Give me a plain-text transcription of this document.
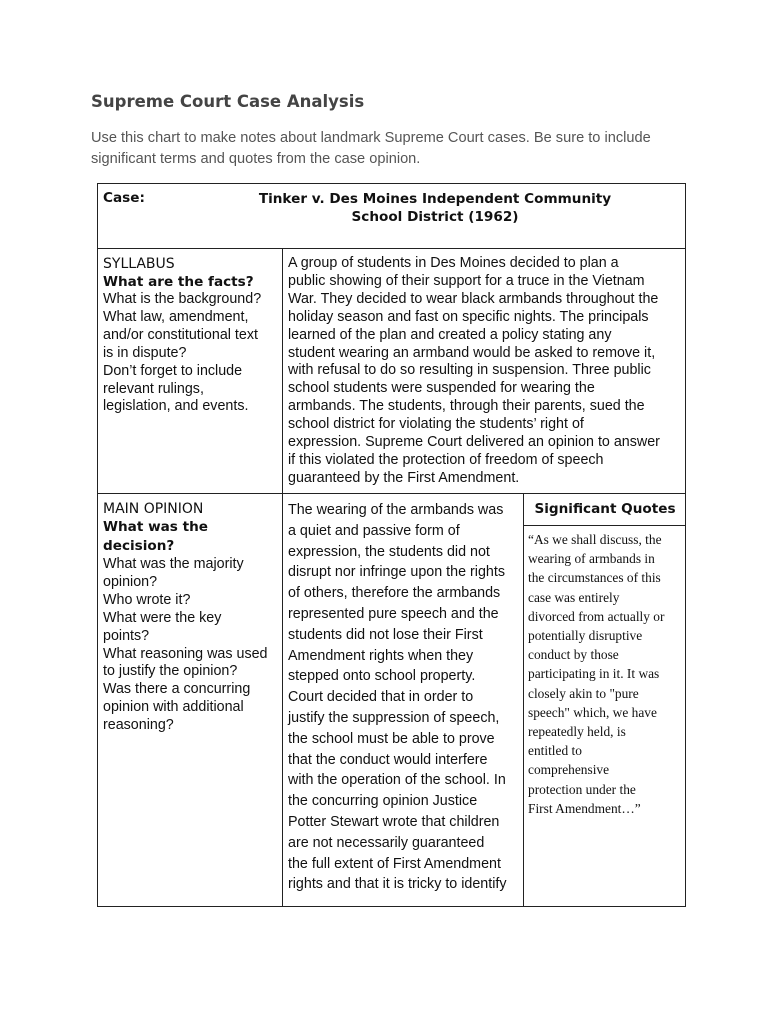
Supreme Court Case Analysis
Use this chart to make notes about landmark Supreme Court cases. Be sure to include significant terms and quotes from the case opinion.
Case:	Tinker v. Des Moines Independent Community
School District (1962)
SYLLABUS
What are the facts?
What is the background?
What law, amendment,
and/or constitutional text
is in dispute?
Don’t forget to include
relevant rulings,
legislation, and events.
A group of students in Des Moines decided to plan a
public showing of their support for a truce in the Vietnam
War. They decided to wear black armbands throughout the
holiday season and fast on specific nights. The principals
learned of the plan and created a policy stating any
student wearing an armband would be asked to remove it,
with refusal to do so resulting in suspension. Three public
school students were suspended for wearing the
armbands. The students, through their parents, sued the
school district for violating the students’ right of
expression. Supreme Court delivered an opinion to answer
if this violated the protection of freedom of speech
guaranteed by the First Amendment.
MAIN OPINION
What was the decision?
What was the majority
opinion?
Who wrote it?
What were the key
points?
What reasoning was used
to justify the opinion?
Was there a concurring
opinion with additional
reasoning?
The wearing of the armbands was
a quiet and passive form of
expression, the students did not
disrupt nor infringe upon the rights
of others, therefore the armbands
represented pure speech and the
students did not lose their First
Amendment rights when they
stepped onto school property.
Court decided that in order to
justify the suppression of speech,
the school must be able to prove
that the conduct would interfere
with the operation of the school. In
the concurring opinion Justice
Potter Stewart wrote that children
are not necessarily guaranteed
the full extent of First Amendment
rights and that it is tricky to identify
Significant Quotes
“As we shall discuss, the
wearing of armbands in
the circumstances of this
case was entirely
divorced from actually or
potentially disruptive
conduct by those
participating in it. It was
closely akin to "pure
speech" which, we have
repeatedly held, is
entitled to
comprehensive
protection under the
First Amendment…”
